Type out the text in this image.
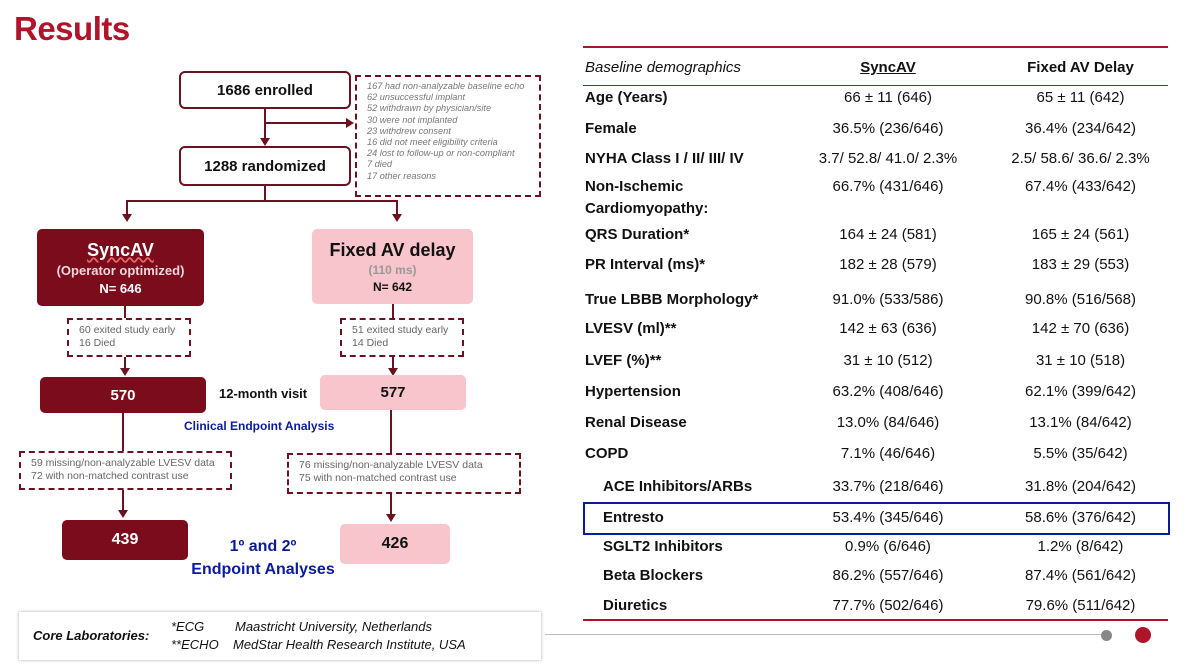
Results
1686 enrolled
1288 randomized
167 had non-analyzable baseline echo
62 unsuccessful implant
52 withdrawn by physician/site
30 were not implanted
23 withdrew consent
16 did not meet eligibility criteria
24 lost to follow-up or non-compliant
7 died
17 other reasons
SyncAV
(Operator optimized)
N= 646
Fixed AV delay
(110 ms)
N= 642
60 exited study early
16 Died
51 exited study early
14 Died
570	577
12-month visit
Clinical Endpoint Analysis
59 missing/non-analyzable LVESV data
72 with non-matched contrast use
76 missing/non-analyzable LVESV data
75 with non-matched contrast use
439	426
1º and 2º
Endpoint Analyses
Baseline demographics	SyncAV	Fixed AV Delay
Age (Years)	66 ± 11 (646)	65 ± 11 (642)
Female	36.5% (236/646)	36.4% (234/642)
NYHA Class I / II/ III/ IV	3.7/ 52.8/ 41.0/ 2.3%	2.5/ 58.6/ 36.6/ 2.3%
Non-Ischemic	66.7% (431/646)	67.4% (433/642)
Cardiomyopathy:
QRS Duration*	164 ± 24 (581)	165 ± 24 (561)
PR Interval (ms)*	182 ± 28 (579)	183 ± 29 (553)
True LBBB Morphology*	91.0% (533/586)	90.8% (516/568)
LVESV (ml)**	142 ± 63 (636)	142 ± 70 (636)
LVEF (%)**	31 ± 10 (512)	31 ± 10 (518)
Hypertension	63.2% (408/646)	62.1% (399/642)
Renal Disease	13.0% (84/646)	13.1% (84/642)
COPD	7.1% (46/646)	5.5% (35/642)
ACE Inhibitors/ARBs	33.7% (218/646)	31.8% (204/642)
Entresto	53.4% (345/646)	58.6% (376/642)
SGLT2 Inhibitors	0.9% (6/646)	1.2% (8/642)
Beta Blockers	86.2% (557/646)	87.4% (561/642)
Diuretics	77.7% (502/646)	79.6% (511/642)
Core Laboratories:
*ECG Maastricht University, Netherlands
**ECHO MedStar Health Research Institute, USA
